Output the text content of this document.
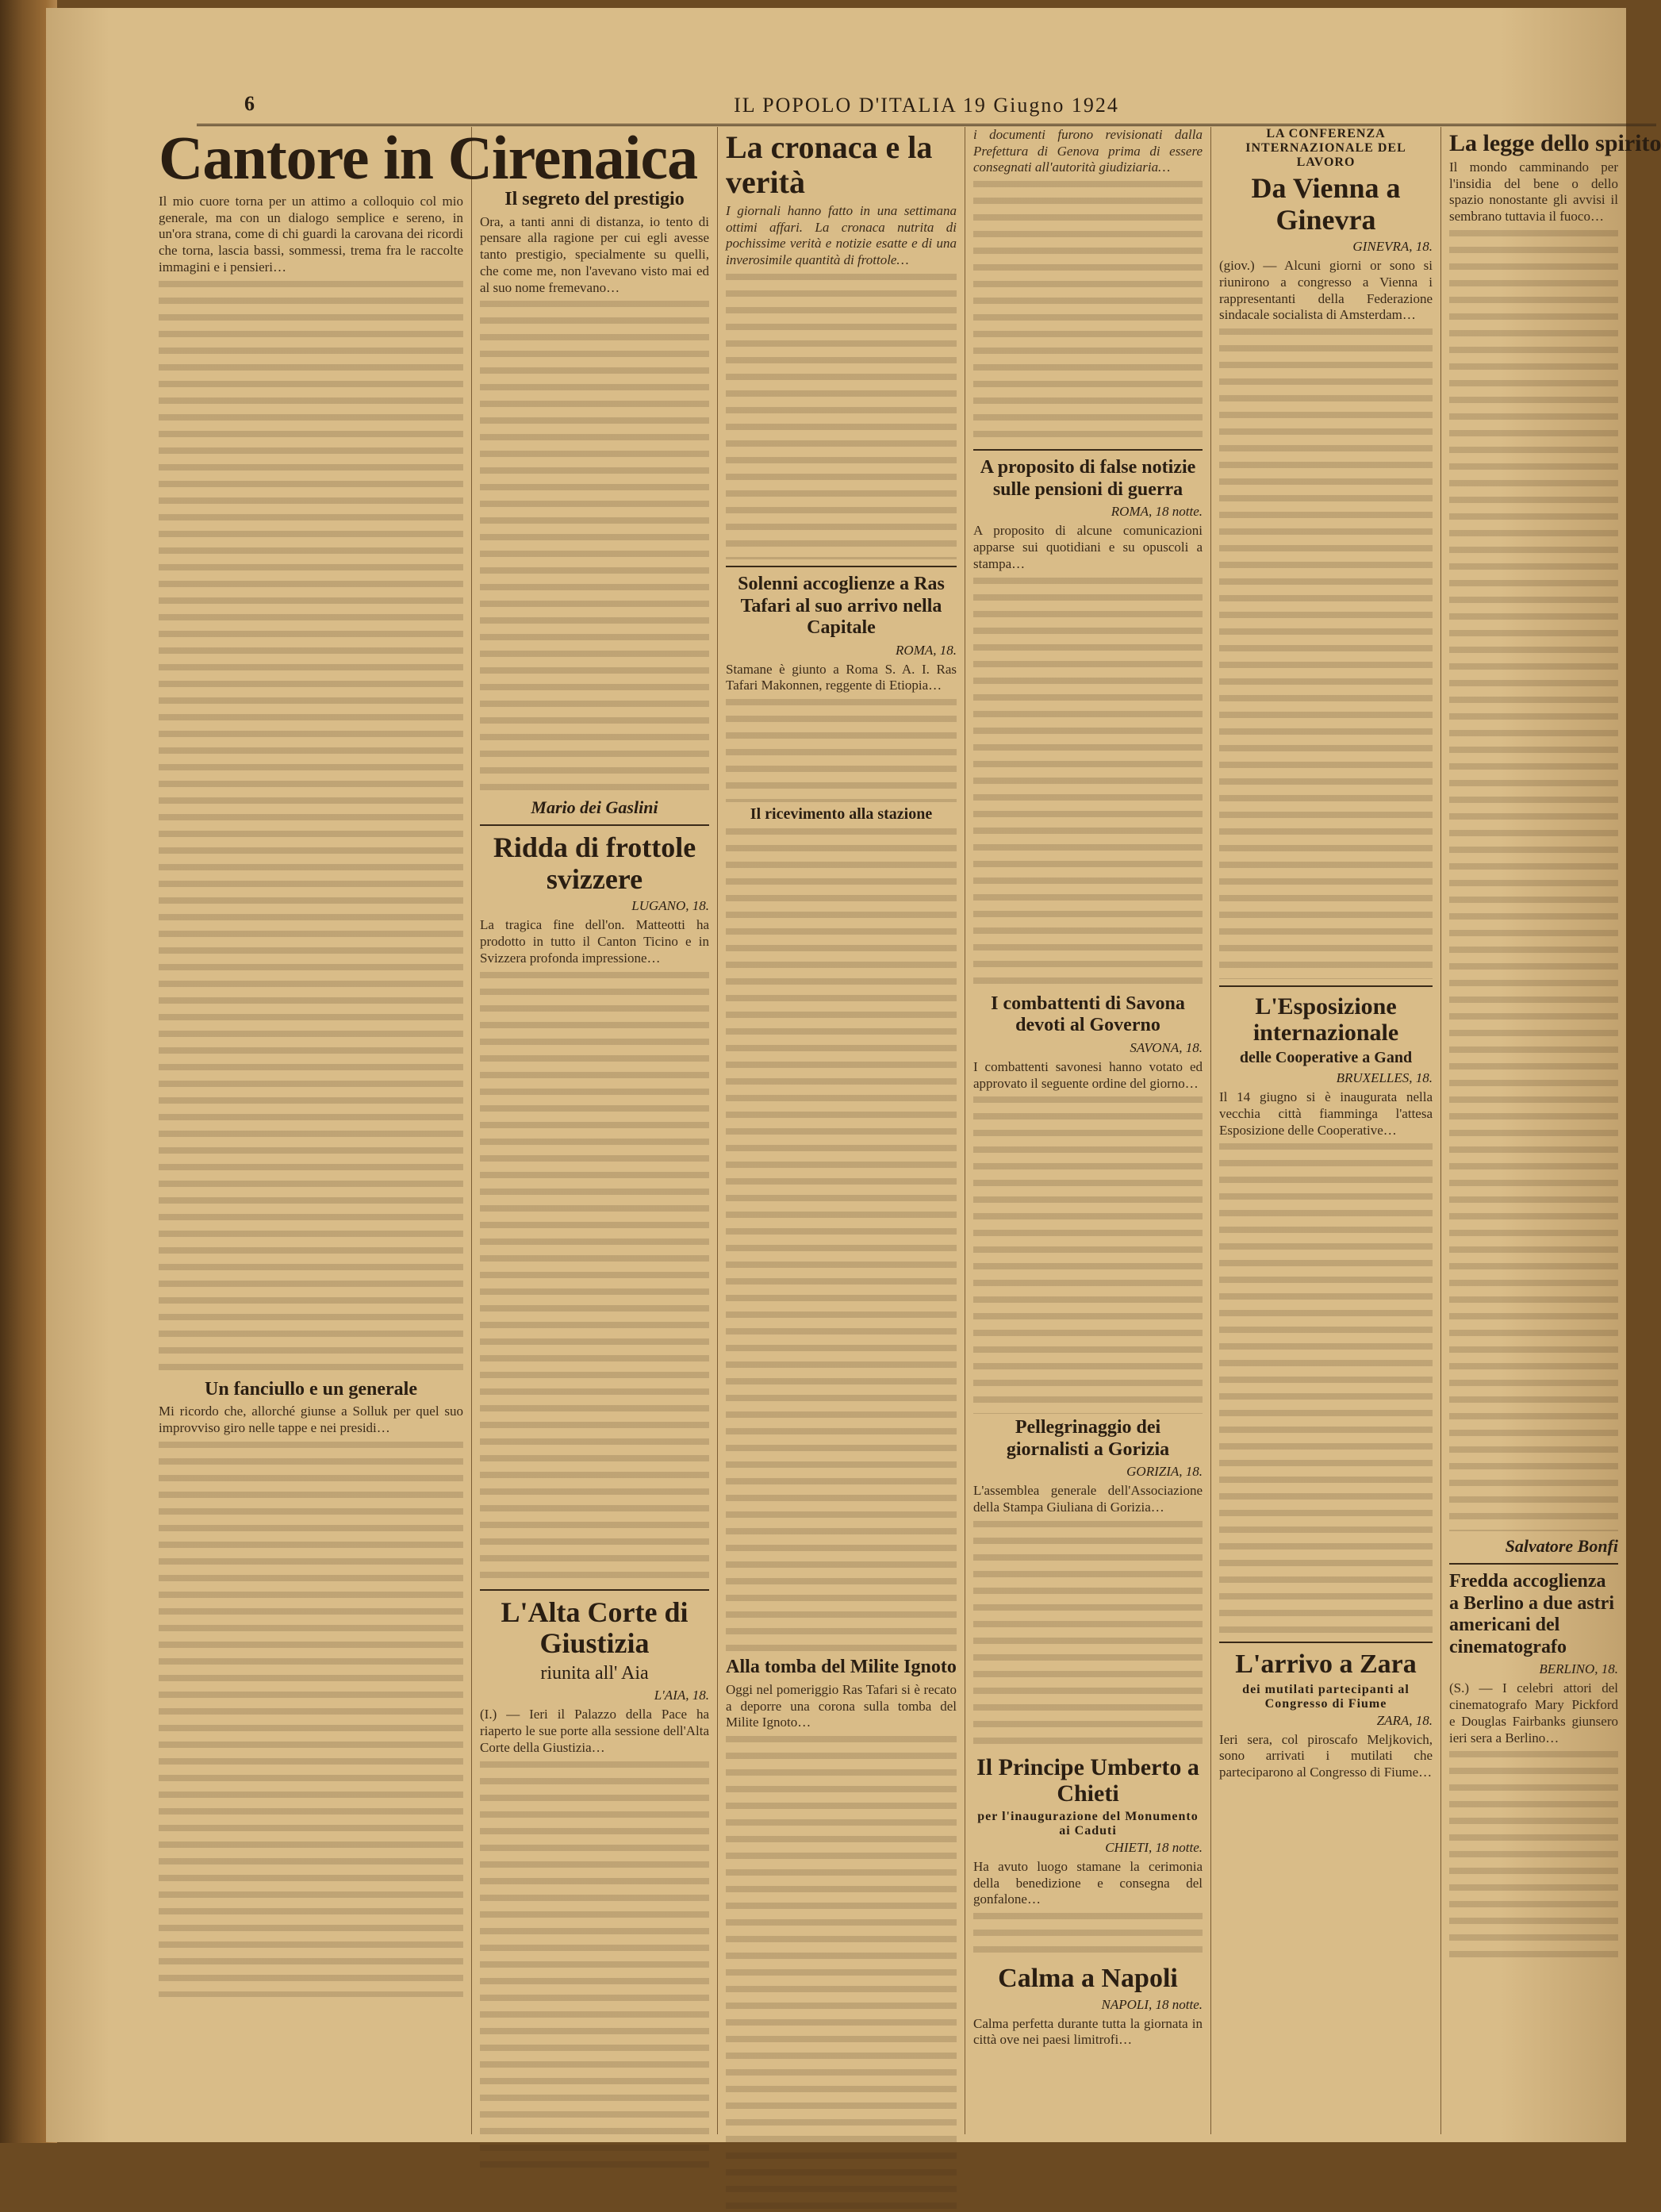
6	IL POPOLO D'ITALIA 19 Giugno 1924
Cantore in Cirenaica
Il mio cuore torna per un attimo a colloquio col mio generale, ma con un dialogo semplice e sereno, in un'ora strana, come di chi guardi la carovana dei ricordi che torna, lascia bassi, sommessi, trema fra le raccolte immagini e i pensieri…
Un fanciullo e un generale
Mi ricordo che, allorché giunse a Solluk per quel suo improvviso giro nelle tappe e nei presidi…
Il segreto del prestigio
Ora, a tanti anni di distanza, io tento di pensare alla ragione per cui egli avesse tanto prestigio, specialmente su quelli, che come me, non l'avevano visto mai ed al suo nome fremevano…
Mario dei Gaslini
Ridda di frottole svizzere
LUGANO, 18.
La tragica fine dell'on. Matteotti ha prodotto in tutto il Canton Ticino e in Svizzera profonda impressione…
L'Alta Corte di Giustizia
riunita all' Aia
L'AIA, 18.
(I.) — Ieri il Palazzo della Pace ha riaperto le sue porte alla sessione dell'Alta Corte della Giustizia…
La cronaca e la verità
I giornali hanno fatto in una settimana ottimi affari. La cronaca nutrita di pochissime verità e notizie esatte e di una inverosimile quantità di frottole…
Solenni accoglienze a Ras Tafari al suo arrivo nella Capitale
ROMA, 18.
Stamane è giunto a Roma S. A. I. Ras Tafari Makonnen, reggente di Etiopia…
Il ricevimento alla stazione
Alla tomba del Milite Ignoto
Oggi nel pomeriggio Ras Tafari si è recato a deporre una corona sulla tomba del Milite Ignoto…
i documenti furono revisionati dalla Prefettura di Genova prima di essere consegnati all'autorità giudiziaria…
A proposito di false notizie sulle pensioni di guerra
ROMA, 18 notte.
A proposito di alcune comunicazioni apparse sui quotidiani e su opuscoli a stampa…
I combattenti di Savona devoti al Governo
SAVONA, 18.
I combattenti savonesi hanno votato ed approvato il seguente ordine del giorno…
Pellegrinaggio dei giornalisti a Gorizia
GORIZIA, 18.
L'assemblea generale dell'Associazione della Stampa Giuliana di Gorizia…
Il Principe Umberto a Chieti
per l'inaugurazione del Monumento ai Caduti
CHIETI, 18 notte.
Ha avuto luogo stamane la cerimonia della benedizione e consegna del gonfalone…
Calma a Napoli
NAPOLI, 18 notte.
Calma perfetta durante tutta la giornata in città ove nei paesi limitrofi…
LA CONFERENZA INTERNAZIONALE DEL LAVORO
Da Vienna a Ginevra
GINEVRA, 18.
(giov.) — Alcuni giorni or sono si riunirono a congresso a Vienna i rappresentanti della Federazione sindacale socialista di Amsterdam…
L'Esposizione internazionale
delle Cooperative a Gand
BRUXELLES, 18.
Il 14 giugno si è inaugurata nella vecchia città fiamminga l'attesa Esposizione delle Cooperative…
L'arrivo a Zara
dei mutilati partecipanti al Congresso di Fiume
ZARA, 18.
Ieri sera, col piroscafo Meljkovich, sono arrivati i mutilati che parteciparono al Congresso di Fiume…
La legge dello spirito
Il mondo camminando per l'insidia del bene o dello spazio nonostante gli avvisi il sembrano tuttavia il fuoco…
Salvatore Bonfi
Fredda accoglienza a Berlino a due astri americani del cinematografo
BERLINO, 18.
(S.) — I celebri attori del cinematografo Mary Pickford e Douglas Fairbanks giunsero ieri sera a Berlino…
